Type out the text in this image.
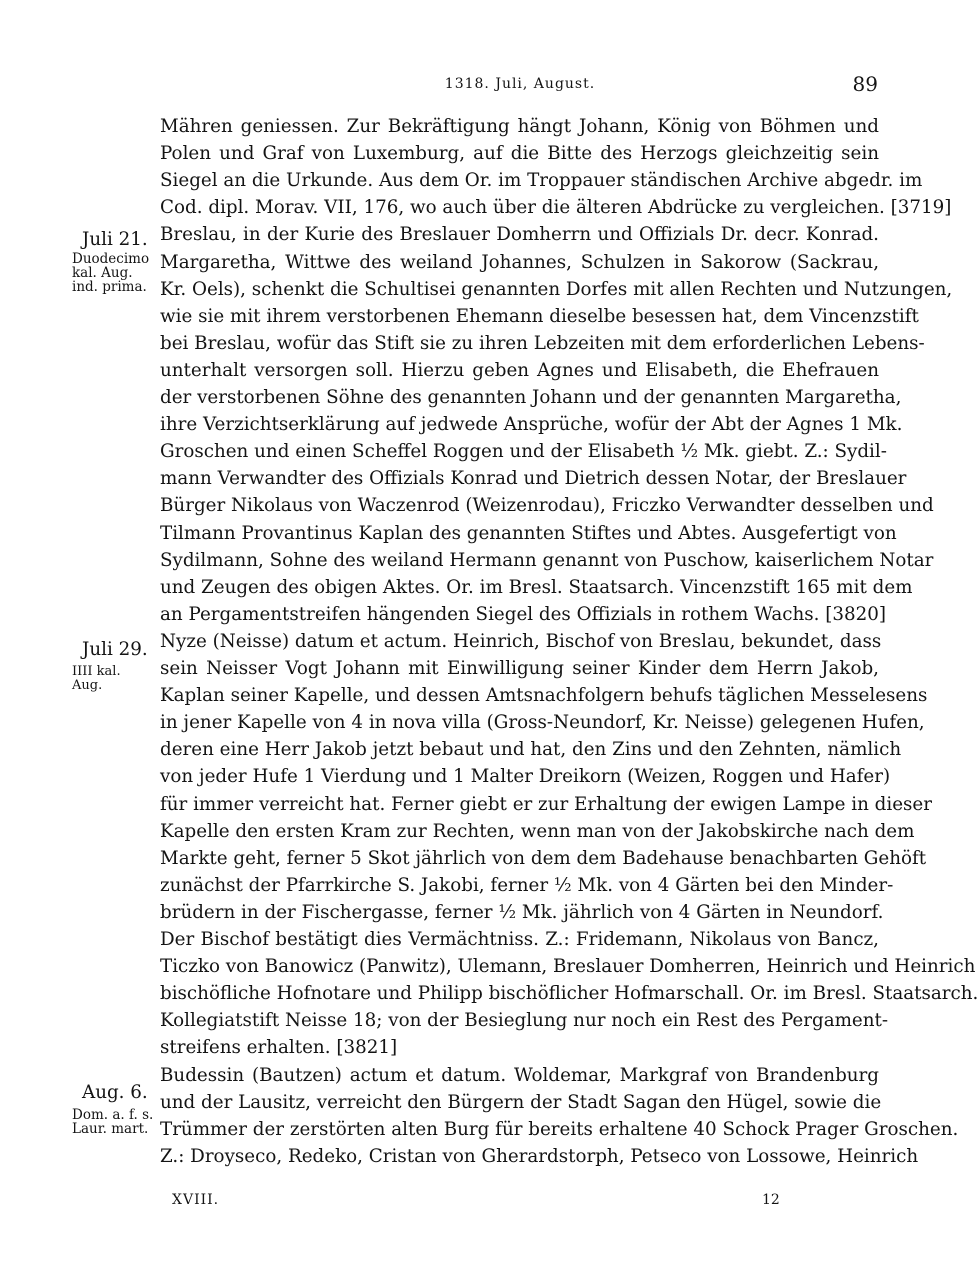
1318. Juli, August.	89
Mähren geniessen. Zur Bekräftigung hängt Johann, König von Böhmen und
Polen und Graf von Luxemburg, auf die Bitte des Herzogs gleichzeitig sein
Siegel an die Urkunde. Aus dem Or. im Troppauer ständischen Archive abgedr. im
Cod. dipl. Morav. VII, 176, wo auch über die älteren Abdrücke zu vergleichen. [3719]
Breslau, in der Kurie des Breslauer Domherrn und Offizials Dr. decr. Konrad.
Margaretha, Wittwe des weiland Johannes, Schulzen in Sakorow (Sackrau,
Kr. Oels), schenkt die Schultisei genannten Dorfes mit allen Rechten und Nutzungen,
wie sie mit ihrem verstorbenen Ehemann dieselbe besessen hat, dem Vincenzstift
bei Breslau, wofür das Stift sie zu ihren Lebzeiten mit dem erforderlichen Lebens-
unterhalt versorgen soll. Hierzu geben Agnes und Elisabeth, die Ehefrauen
der verstorbenen Söhne des genannten Johann und der genannten Margaretha,
ihre Verzichtserklärung auf jedwede Ansprüche, wofür der Abt der Agnes 1 Mk.
Groschen und einen Scheffel Roggen und der Elisabeth ½ Mk. giebt. Z.: Sydil-
mann Verwandter des Offizials Konrad und Dietrich dessen Notar, der Breslauer
Bürger Nikolaus von Waczenrod (Weizenrodau), Friczko Verwandter desselben und
Tilmann Provantinus Kaplan des genannten Stiftes und Abtes. Ausgefertigt von
Sydilmann, Sohne des weiland Hermann genannt von Puschow, kaiserlichem Notar
und Zeugen des obigen Aktes. Or. im Bresl. Staatsarch. Vincenzstift 165 mit dem
an Pergamentstreifen hängenden Siegel des Offizials in rothem Wachs. [3820]
Nyze (Neisse) datum et actum. Heinrich, Bischof von Breslau, bekundet, dass
sein Neisser Vogt Johann mit Einwilligung seiner Kinder dem Herrn Jakob,
Kaplan seiner Kapelle, und dessen Amtsnachfolgern behufs täglichen Messelesens
in jener Kapelle von 4 in nova villa (Gross-Neundorf, Kr. Neisse) gelegenen Hufen,
deren eine Herr Jakob jetzt bebaut und hat, den Zins und den Zehnten, nämlich
von jeder Hufe 1 Vierdung und 1 Malter Dreikorn (Weizen, Roggen und Hafer)
für immer verreicht hat. Ferner giebt er zur Erhaltung der ewigen Lampe in dieser
Kapelle den ersten Kram zur Rechten, wenn man von der Jakobskirche nach dem
Markte geht, ferner 5 Skot jährlich von dem dem Badehause benachbarten Gehöft
zunächst der Pfarrkirche S. Jakobi, ferner ½ Mk. von 4 Gärten bei den Minder-
brüdern in der Fischergasse, ferner ½ Mk. jährlich von 4 Gärten in Neundorf.
Der Bischof bestätigt dies Vermächtniss. Z.: Fridemann, Nikolaus von Bancz,
Ticzko von Banowicz (Panwitz), Ulemann, Breslauer Domherren, Heinrich und Heinrich
bischöfliche Hofnotare und Philipp bischöflicher Hofmarschall. Or. im Bresl. Staatsarch.
Kollegiatstift Neisse 18; von der Besieglung nur noch ein Rest des Pergament-
streifens erhalten. [3821]
Budessin (Bautzen) actum et datum. Woldemar, Markgraf von Brandenburg
und der Lausitz, verreicht den Bürgern der Stadt Sagan den Hügel, sowie die
Trümmer der zerstörten alten Burg für bereits erhaltene 40 Schock Prager Groschen.
Z.: Droyseco, Redeko, Cristan von Gherardstorph, Petseco von Lossowe, Heinrich
Juli 21.
Duodecimo kal. Aug. ind. prima.
Juli 29.
IIII kal. Aug.
Aug. 6.
Dom. a. f. s. Laur. mart.
XVIII.	12
